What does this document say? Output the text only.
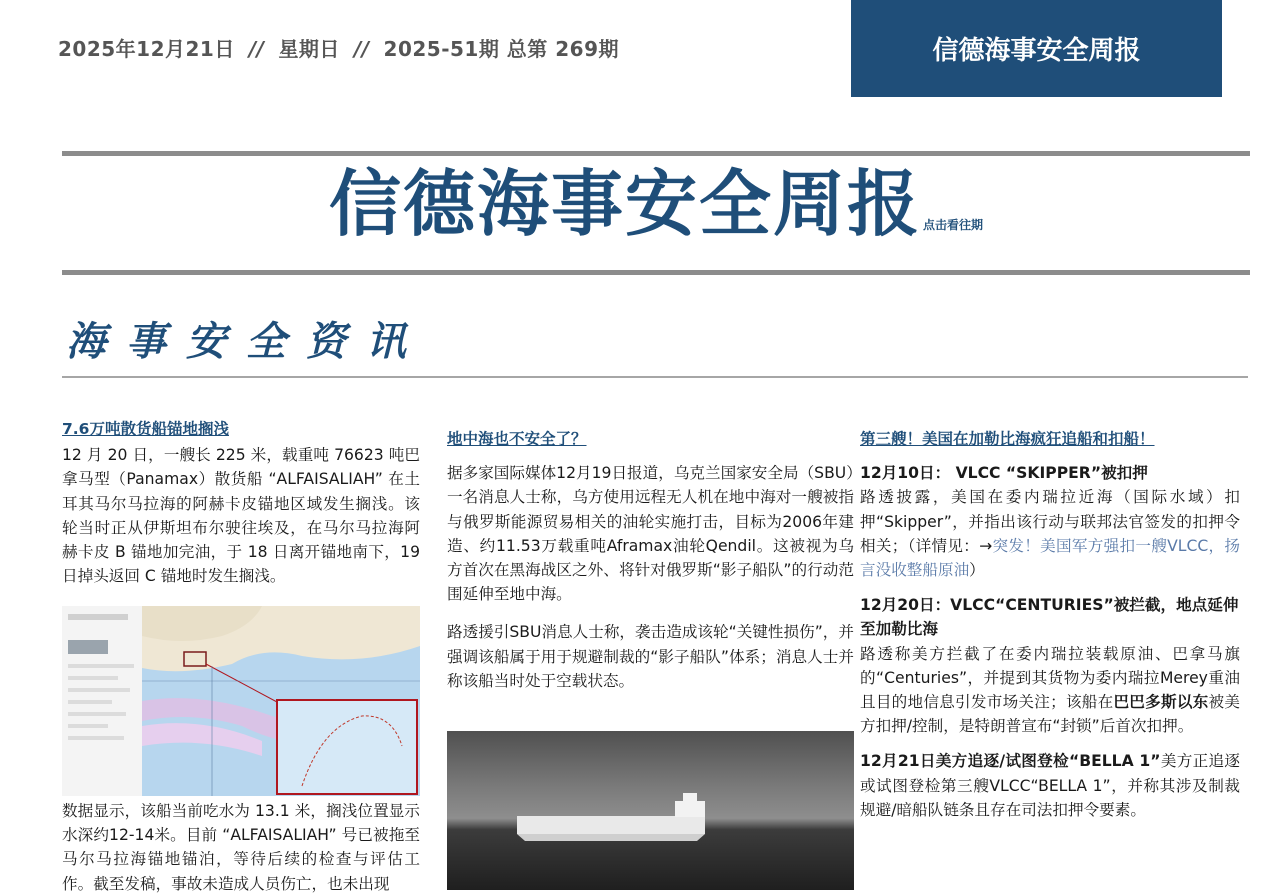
2025年12月21日 // 星期日 // 2025-51期 总第 269期	信德海事安全周报
信德海事安全周报 点击看往期
海事安全资讯
7.6万吨散货船锚地搁浅

12 月 20 日，一艘长 225 米，载重吨 76623 吨巴拿马型（Panamax）散货船 “ALFAISALIAH” 在土耳其马尔马拉海的阿赫卡皮锚地区域发生搁浅。该轮当时正从伊斯坦布尔驶往埃及，在马尔马拉海阿赫卡皮 B 锚地加完油，于 18 日离开锚地南下，19 日掉头返回 C 锚地时发生搁浅。

数据显示，该船当前吃水为 13.1 米，搁浅位置显示水深约12-14米。目前 “ALFAISALIAH” 号已被拖至马尔马拉海锚地锚泊，等待后续的检查与评估工作。截至发稿，事故未造成人员伤亡，也未出现

地中海也不安全了？

据多家国际媒体12月19日报道，乌克兰国家安全局（SBU）一名消息人士称，乌方使用远程无人机在地中海对一艘被指与俄罗斯能源贸易相关的油轮实施打击，目标为2006年建造、约11.53万载重吨Aframax油轮Qendil。这被视为乌方首次在黑海战区之外、将针对俄罗斯“影子船队”的行动范围延伸至地中海。

路透援引SBU消息人士称，袭击造成该轮“关键性损伤”，并强调该船属于用于规避制裁的“影子船队”体系；消息人士并称该船当时处于空载状态。

第三艘！美国在加勒比海疯狂追船和扣船！

12月10日： VLCC “SKIPPER”被扣押

路透披露，美国在委内瑞拉近海（国际水域）扣押“Skipper”，并指出该行动与联邦法官签发的扣押令相关；（详情见：→突发！美国军方强扣一艘VLCC，扬言没收整船原油）

12月20日：VLCC“CENTURIES”被拦截，地点延伸至加勒比海

路透称美方拦截了在委内瑞拉装载原油、巴拿马旗的“Centuries”，并提到其货物为委内瑞拉Merey重油且目的地信息引发市场关注；该船在巴巴多斯以东被美方扣押/控制，是特朗普宣布“封锁”后首次扣押。

12月21日美方追逐/试图登检“BELLA 1”美方正追逐或试图登检第三艘VLCC“BELLA 1”，并称其涉及制裁规避/暗船队链条且存在司法扣押令要素。
